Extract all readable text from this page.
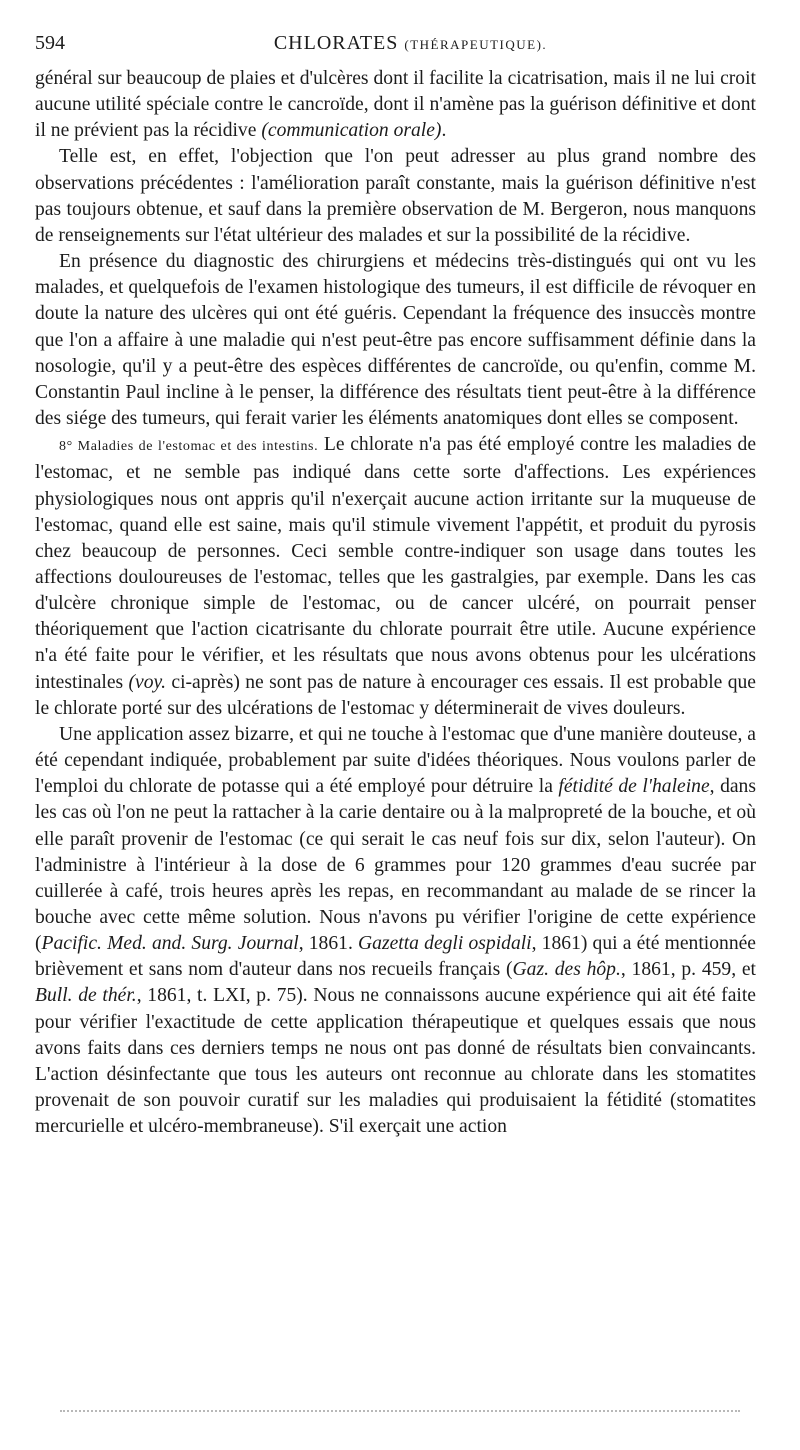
594	CHLORATES (THÉRAPEUTIQUE).

général sur beaucoup de plaies et d'ulcères dont il facilite la cicatrisation, mais il ne lui croit aucune utilité spéciale contre le cancroïde, dont il n'amène pas la guérison définitive et dont il ne prévient pas la récidive (communication orale).

Telle est, en effet, l'objection que l'on peut adresser au plus grand nombre des observations précédentes : l'amélioration paraît constante, mais la guérison définitive n'est pas toujours obtenue, et sauf dans la première observation de M. Bergeron, nous manquons de renseignements sur l'état ultérieur des malades et sur la possibilité de la récidive.

En présence du diagnostic des chirurgiens et médecins très-distingués qui ont vu les malades, et quelquefois de l'examen histologique des tumeurs, il est difficile de révoquer en doute la nature des ulcères qui ont été guéris. Cependant la fréquence des insuccès montre que l'on a affaire à une maladie qui n'est peut-être pas encore suffisamment définie dans la nosologie, qu'il y a peut-être des espèces différentes de cancroïde, ou qu'enfin, comme M. Constantin Paul incline à le penser, la différence des résultats tient peut-être à la différence des siége des tumeurs, qui ferait varier les éléments anatomiques dont elles se composent.

8° Maladies de l'estomac et des intestins. Le chlorate n'a pas été employé contre les maladies de l'estomac, et ne semble pas indiqué dans cette sorte d'affections. Les expériences physiologiques nous ont appris qu'il n'exerçait aucune action irritante sur la muqueuse de l'estomac, quand elle est saine, mais qu'il stimule vivement l'appétit, et produit du pyrosis chez beaucoup de personnes. Ceci semble contre-indiquer son usage dans toutes les affections douloureuses de l'estomac, telles que les gastralgies, par exemple. Dans les cas d'ulcère chronique simple de l'estomac, ou de cancer ulcéré, on pourrait penser théoriquement que l'action cicatrisante du chlorate pourrait être utile. Aucune expérience n'a été faite pour le vérifier, et les résultats que nous avons obtenus pour les ulcérations intestinales (voy. ci-après) ne sont pas de nature à encourager ces essais. Il est probable que le chlorate porté sur des ulcérations de l'estomac y déterminerait de vives douleurs.

Une application assez bizarre, et qui ne touche à l'estomac que d'une manière douteuse, a été cependant indiquée, probablement par suite d'idées théoriques. Nous voulons parler de l'emploi du chlorate de potasse qui a été employé pour détruire la fétidité de l'haleine, dans les cas où l'on ne peut la rattacher à la carie dentaire ou à la malpropreté de la bouche, et où elle paraît provenir de l'estomac (ce qui serait le cas neuf fois sur dix, selon l'auteur). On l'administre à l'intérieur à la dose de 6 grammes pour 120 grammes d'eau sucrée par cuillerée à café, trois heures après les repas, en recommandant au malade de se rincer la bouche avec cette même solution. Nous n'avons pu vérifier l'origine de cette expérience (Pacific. Med. and. Surg. Journal, 1861. Gazetta degli ospidali, 1861) qui a été mentionnée brièvement et sans nom d'auteur dans nos recueils français (Gaz. des hôp., 1861, p. 459, et Bull. de thér., 1861, t. LXI, p. 75). Nous ne connaissons aucune expérience qui ait été faite pour vérifier l'exactitude de cette application thérapeutique et quelques essais que nous avons faits dans ces derniers temps ne nous ont pas donné de résultats bien convaincants. L'action désinfectante que tous les auteurs ont reconnue au chlorate dans les stomatites provenait de son pouvoir curatif sur les maladies qui produisaient la fétidité (stomatites mercurielle et ulcéro-membraneuse). S'il exerçait une action
